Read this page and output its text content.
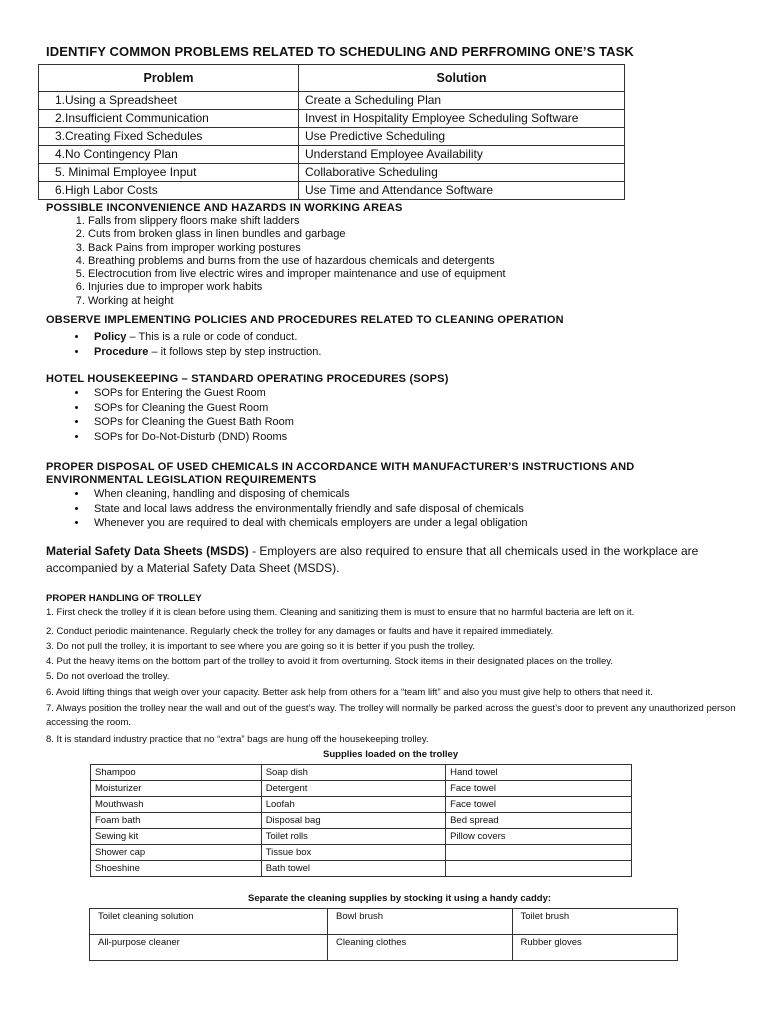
IDENTIFY COMMON PROBLEMS RELATED TO SCHEDULING AND PERFROMING ONE’S TASK
Problem	Solution
1.Using a Spreadsheet	Create a Scheduling Plan
2.Insufficient Communication	Invest in Hospitality Employee Scheduling Software
3.Creating Fixed Schedules	Use Predictive Scheduling
4.No Contingency Plan	Understand Employee Availability
5. Minimal Employee Input	Collaborative Scheduling
6.High Labor Costs	Use Time and Attendance Software
POSSIBLE INCONVENIENCE AND HAZARDS IN WORKING AREAS
1. Falls from slippery floors make shift ladders
2. Cuts from broken glass in linen bundles and garbage
3. Back Pains from improper working postures
4. Breathing problems and burns from the use of hazardous chemicals and detergents
5. Electrocution from live electric wires and improper maintenance and use of equipment
6. Injuries due to improper work habits
7. Working at height
OBSERVE IMPLEMENTING POLICIES AND PROCEDURES RELATED TO CLEANING OPERATION
• Policy – This is a rule or code of conduct.
• Procedure – it follows step by step instruction.
HOTEL HOUSEKEEPING – STANDARD OPERATING PROCEDURES (SOPS)
• SOPs for Entering the Guest Room
• SOPs for Cleaning the Guest Room
• SOPs for Cleaning the Guest Bath Room
• SOPs for Do-Not-Disturb (DND) Rooms
PROPER DISPOSAL OF USED CHEMICALS IN ACCORDANCE WITH MANUFACTURER’S INSTRUCTIONS AND
ENVIRONMENTAL LEGISLATION REQUIREMENTS
• When cleaning, handling and disposing of chemicals
• State and local laws address the environmentally friendly and safe disposal of chemicals
• Whenever you are required to deal with chemicals employers are under a legal obligation
Material Safety Data Sheets (MSDS) - Employers are also required to ensure that all chemicals used in the workplace are accompanied by a Material Safety Data Sheet (MSDS).
PROPER HANDLING OF TROLLEY
1. First check the trolley if it is clean before using them. Cleaning and sanitizing them is must to ensure that no harmful bacteria are left on it.
2. Conduct periodic maintenance. Regularly check the trolley for any damages or faults and have it repaired immediately.
3. Do not pull the trolley, it is important to see where you are going so it is better if you push the trolley.
4. Put the heavy items on the bottom part of the trolley to avoid it from overturning. Stock items in their designated places on the trolley.
5. Do not overload the trolley.
6. Avoid lifting things that weigh over your capacity. Better ask help from others for a “team lift” and also you must give help to others that need it.
7. Always position the trolley near the wall and out of the guest’s way. The trolley will normally be parked across the guest’s door to prevent any unauthorized person accessing the room.
8. It is standard industry practice that no “extra” bags are hung off the housekeeping trolley.
Supplies loaded on the trolley
Shampoo	Soap dish	Hand towel
Moisturizer	Detergent	Face towel
Mouthwash	Loofah	Face towel
Foam bath	Disposal bag	Bed spread
Sewing kit	Toilet rolls	Pillow covers
Shower cap	Tissue box	
Shoeshine	Bath towel	
Separate the cleaning supplies by stocking it using a handy caddy:
Toilet cleaning solution	Bowl brush	Toilet brush
All-purpose cleaner	Cleaning clothes	Rubber gloves
